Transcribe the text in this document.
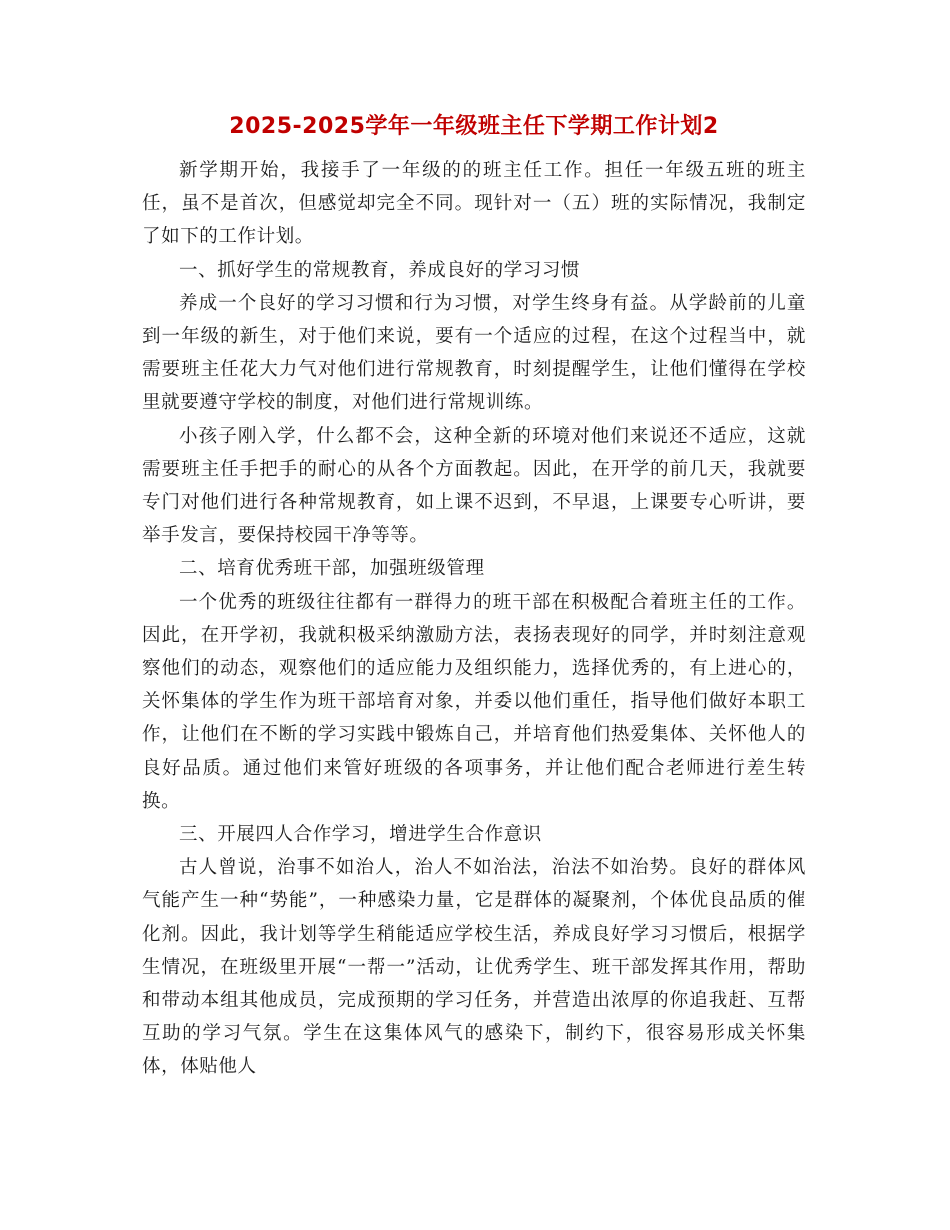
2025-2025学年一年级班主任下学期工作计划2

新学期开始，我接手了一年级的的班主任工作。担任一年级五班的班主任，虽不是首次，但感觉却完全不同。现针对一（五）班的实际情况，我制定了如下的工作计划。

一、抓好学生的常规教育，养成良好的学习习惯

养成一个良好的学习习惯和行为习惯，对学生终身有益。从学龄前的儿童到一年级的新生，对于他们来说，要有一个适应的过程，在这个过程当中，就需要班主任花大力气对他们进行常规教育，时刻提醒学生，让他们懂得在学校里就要遵守学校的制度，对他们进行常规训练。

小孩子刚入学，什么都不会，这种全新的环境对他们来说还不适应，这就需要班主任手把手的耐心的从各个方面教起。因此，在开学的前几天，我就要专门对他们进行各种常规教育，如上课不迟到，不早退，上课要专心听讲，要举手发言，要保持校园干净等等。

二、培育优秀班干部，加强班级管理

一个优秀的班级往往都有一群得力的班干部在积极配合着班主任的工作。因此，在开学初，我就积极采纳激励方法，表扬表现好的同学，并时刻注意观察他们的动态，观察他们的适应能力及组织能力，选择优秀的，有上进心的，关怀集体的学生作为班干部培育对象，并委以他们重任，指导他们做好本职工作，让他们在不断的学习实践中锻炼自己，并培育他们热爱集体、关怀他人的良好品质。通过他们来管好班级的各项事务，并让他们配合老师进行差生转换。

三、开展四人合作学习，增进学生合作意识

古人曾说，治事不如治人，治人不如治法，治法不如治势。良好的群体风气能产生一种“势能”，一种感染力量，它是群体的凝聚剂，个体优良品质的催化剂。因此，我计划等学生稍能适应学校生活，养成良好学习习惯后，根据学生情况，在班级里开展“一帮一”活动，让优秀学生、班干部发挥其作用，帮助和带动本组其他成员，完成预期的学习任务，并营造出浓厚的你追我赶、互帮互助的学习气氛。学生在这集体风气的感染下，制约下，很容易形成关怀集体，体贴他人
